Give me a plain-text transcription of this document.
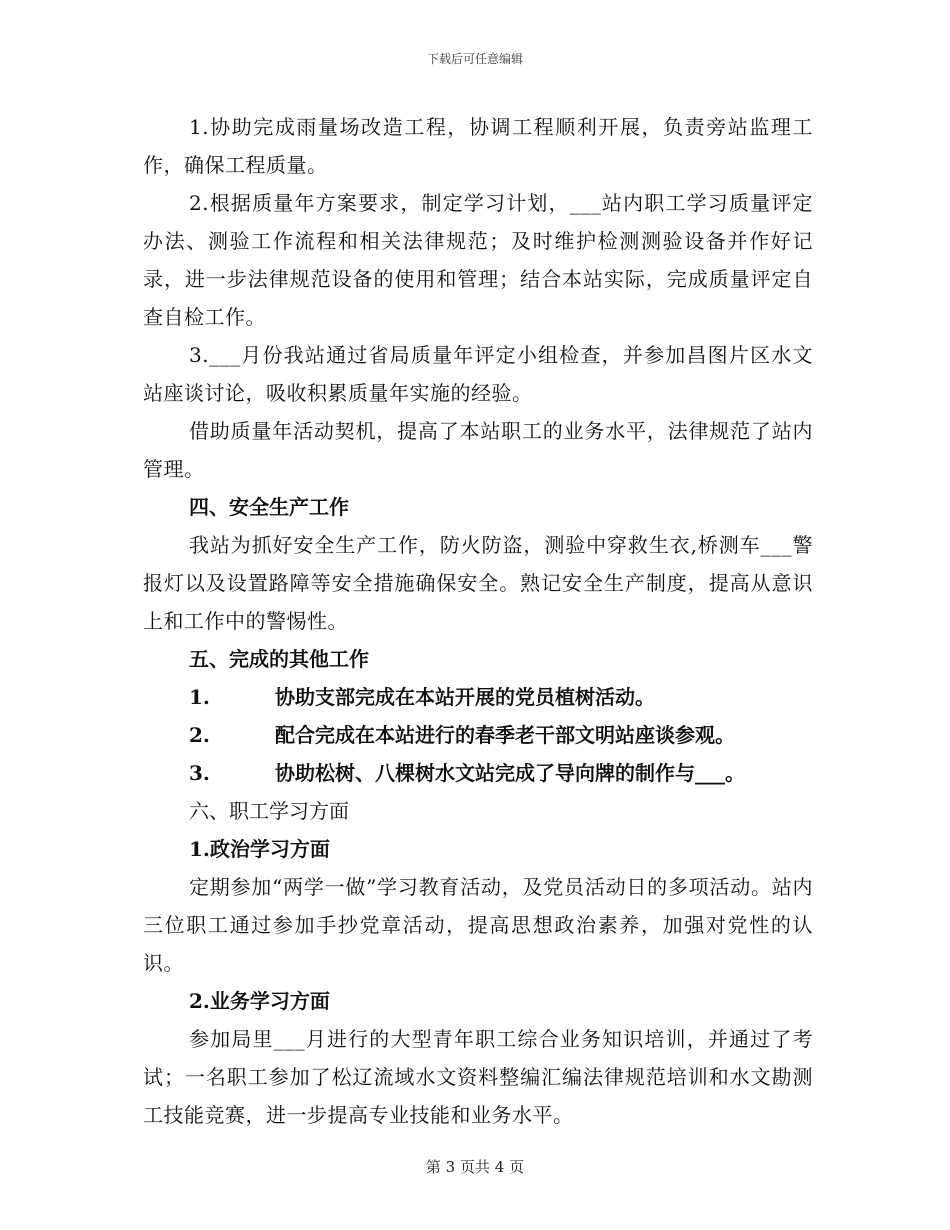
下载后可任意编辑

1.协助完成雨量场改造工程，协调工程顺利开展，负责旁站监理工作，确保工程质量。

2.根据质量年方案要求，制定学习计划，___站内职工学习质量评定办法、测验工作流程和相关法律规范；及时维护检测测验设备并作好记录，进一步法律规范设备的使用和管理；结合本站实际，完成质量评定自查自检工作。

3.___月份我站通过省局质量年评定小组检查，并参加昌图片区水文站座谈讨论，吸收积累质量年实施的经验。

借助质量年活动契机，提高了本站职工的业务水平，法律规范了站内管理。

四、安全生产工作

我站为抓好安全生产工作，防火防盗，测验中穿救生衣,桥测车___警报灯以及设置路障等安全措施确保安全。熟记安全生产制度，提高从意识上和工作中的警惕性。

五、完成的其他工作

1.	协助支部完成在本站开展的党员植树活动。

2.	配合完成在本站进行的春季老干部文明站座谈参观。

3.	协助松树、八棵树水文站完成了导向牌的制作与___。

六、职工学习方面

1.政治学习方面

定期参加“两学一做”学习教育活动，及党员活动日的多项活动。站内三位职工通过参加手抄党章活动，提高思想政治素养，加强对党性的认识。

2.业务学习方面

参加局里___月进行的大型青年职工综合业务知识培训，并通过了考试；一名职工参加了松辽流域水文资料整编汇编法律规范培训和水文勘测工技能竞赛，进一步提高专业技能和业务水平。

第 3 页共 4 页
